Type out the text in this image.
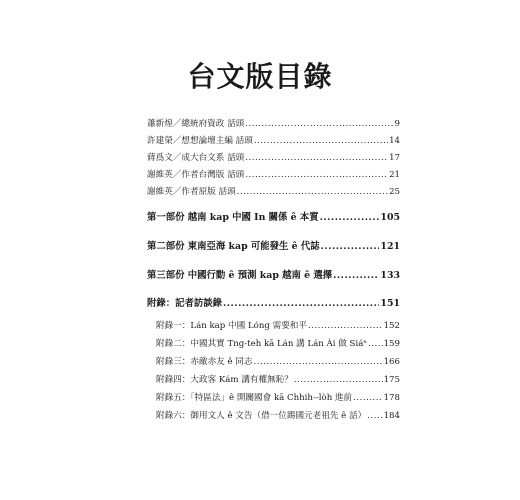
台文版目錄
蕭新煌／總統府資政 話頭 .....	9
許建榮／想想論壇主編 話頭 .....	14
蔣爲文／成大台文系 話頭 .....	17
謝維英／作者台灣版 話頭 .....	21
謝維英／作者原版 話頭 .....	25
第一部份 越南 kap 中國 In 關係 ê 本質 .....	105
第二部份 東南亞海 kap 可能發生 ê 代誌 .....	121
第三部份 中國行動 ê 預測 kap 越南 ê 選擇 .....	133
附錄：記者訪談錄 .....	151
附錄一：Lán kap 中國 Lóng 需要和平 .....	152
附錄二：中國其實 Tng-teh kā Lán 講 Lán Ài 做 Siáⁿ ..... 159
附錄三：赤敵赤友 ê 同志 .....	166
附錄四：大政客 Kám 講有權無恥？ .....	175
附錄五：「特區法」ê 開關國會 kā Chhih--lòh 進前 .....	178
附錄六：御用文人 ê 文告（借一位踢國元老祖先 ê 話） ..... 184
